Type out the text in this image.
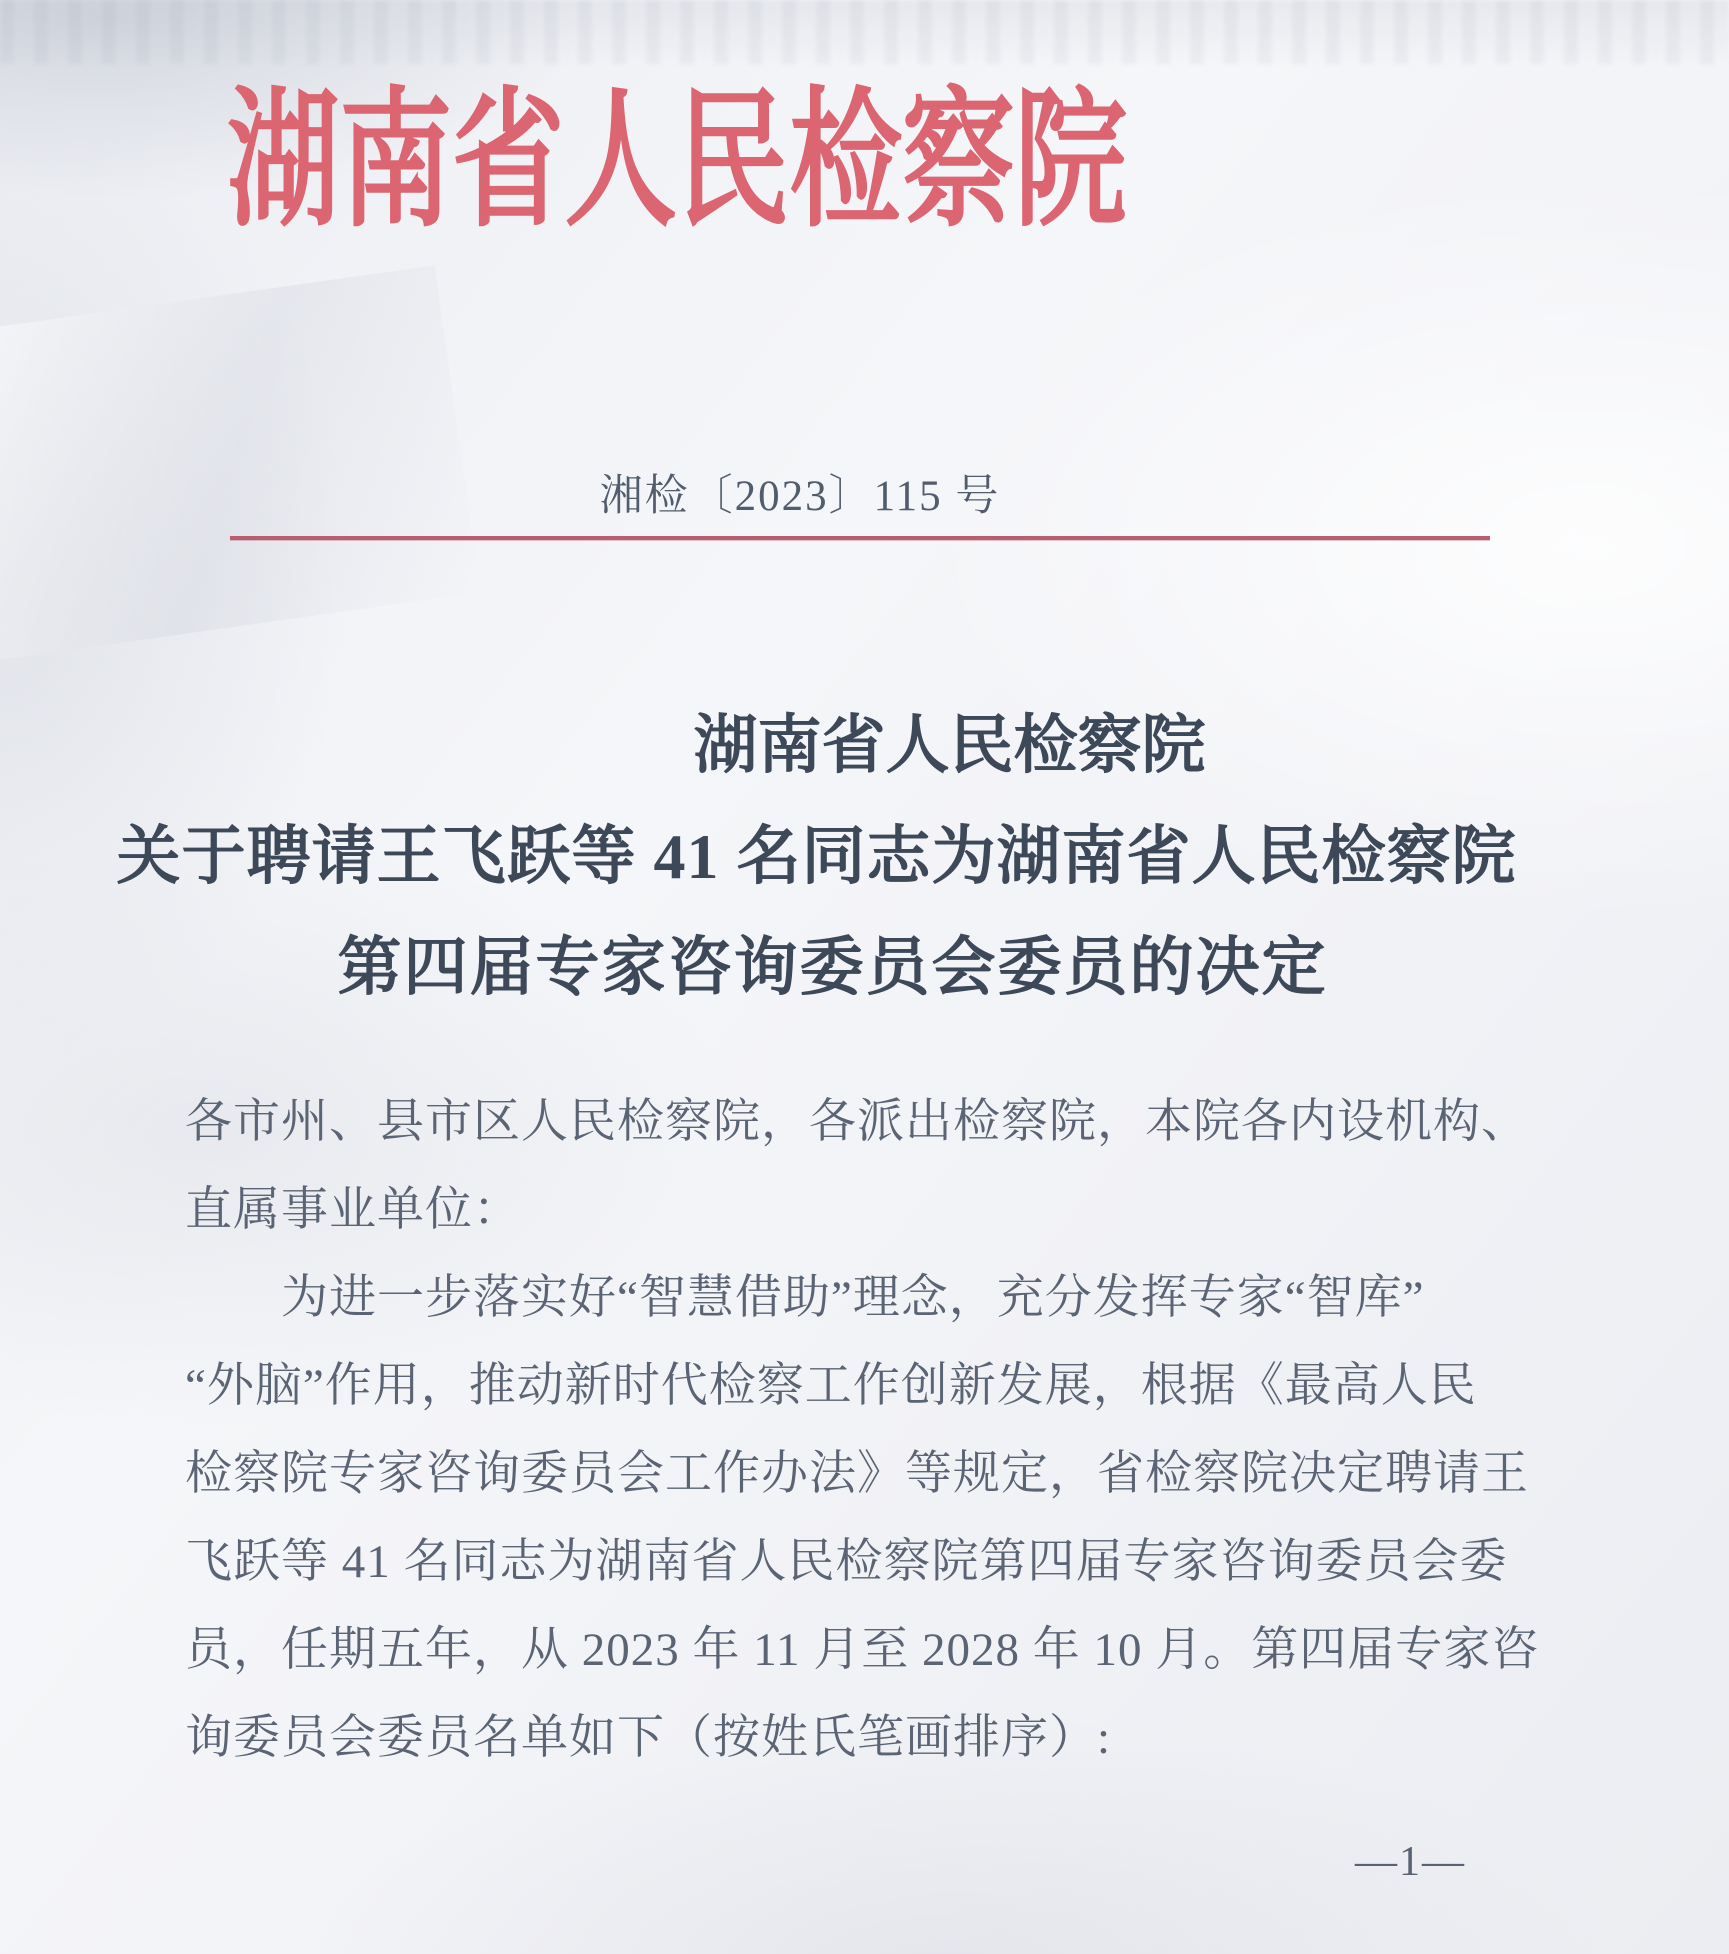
湖南省人民检察院
湘检〔2023〕115 号
湖南省人民检察院
关于聘请王飞跃等 41 名同志为湖南省人民检察院
第四届专家咨询委员会委员的决定
各市州、县市区人民检察院，各派出检察院，本院各内设机构、
直属事业单位：
为进一步落实好“智慧借助”理念，充分发挥专家“智库”
“外脑”作用，推动新时代检察工作创新发展，根据《最高人民
检察院专家咨询委员会工作办法》等规定，省检察院决定聘请王
飞跃等 41 名同志为湖南省人民检察院第四届专家咨询委员会委
员，任期五年，从 2023 年 11 月至 2028 年 10 月。第四届专家咨
询委员会委员名单如下（按姓氏笔画排序）:
—1—
